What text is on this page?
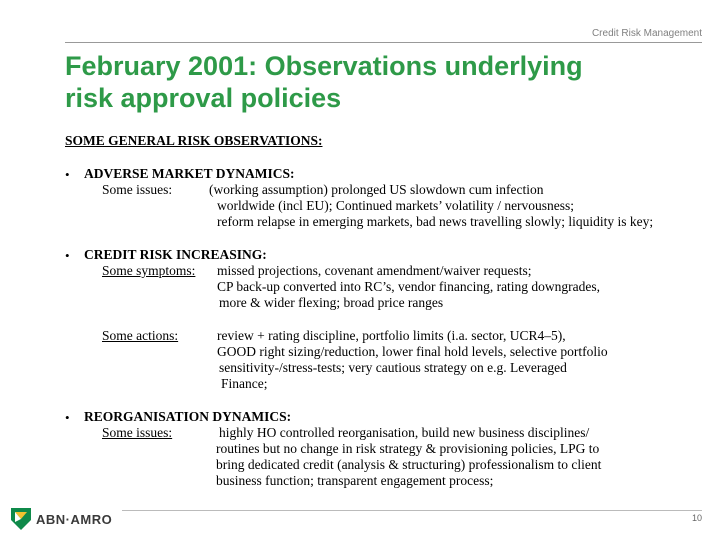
Credit Risk Management
February 2001: Observations underlying
risk approval policies
SOME GENERAL RISK OBSERVATIONS:
• ADVERSE MARKET DYNAMICS:
Some issues:	(working assumption) prolonged US slowdown cum infection
worldwide (incl EU); Continued markets’ volatility / nervousness;
reform relapse in emerging markets, bad news travelling slowly; liquidity is key;
• CREDIT RISK INCREASING:
Some symptoms: missed projections, covenant amendment/waiver requests;
CP back-up converted into RC’s, vendor financing, rating downgrades,
more & wider flexing; broad price ranges
Some actions:	review + rating discipline, portfolio limits (i.a. sector, UCR4–5),
GOOD right sizing/reduction, lower final hold levels, selective portfolio
sensitivity-/stress-tests; very cautious strategy on e.g. Leveraged
Finance;
• REORGANISATION DYNAMICS:
Some issues:	highly HO controlled reorganisation, build new business disciplines/
routines but no change in risk strategy & provisioning policies, LPG to
bring dedicated credit (analysis & structuring) professionalism to client
business function; transparent engagement process;
ABN·AMRO	10
